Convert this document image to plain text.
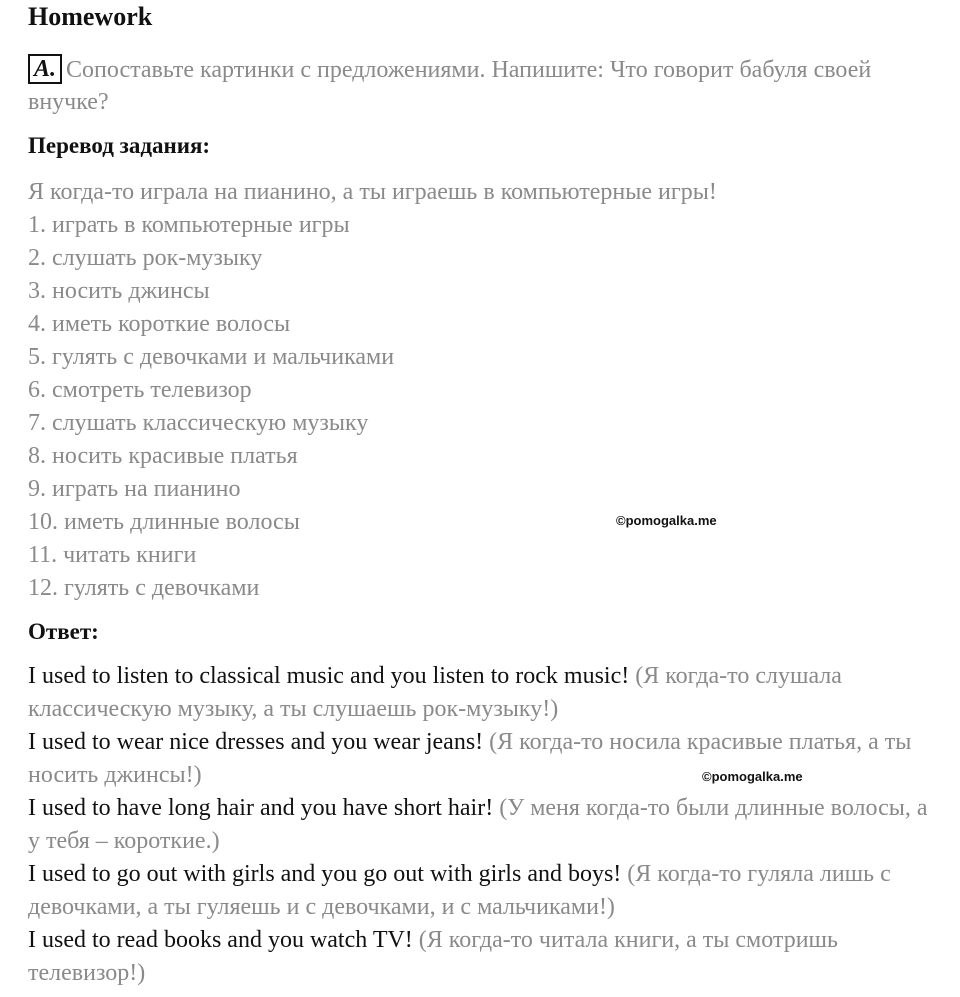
Homework
A. Сопоставьте картинки с предложениями. Напишите: Что говорит бабуля своей внучке?
Перевод задания:
Я когда-то играла на пианино, а ты играешь в компьютерные игры!
1. играть в компьютерные игры
2. слушать рок-музыку
3. носить джинсы
4. иметь короткие волосы
5. гулять с девочками и мальчиками
6. смотреть телевизор
7. слушать классическую музыку
8. носить красивые платья
9. играть на пианино
10. иметь длинные волосы
11. читать книги
12. гулять с девочками
Ответ:
I used to listen to classical music and you listen to rock music! (Я когда-то слушала классическую музыку, а ты слушаешь рок-музыку!)
I used to wear nice dresses and you wear jeans! (Я когда-то носила красивые платья, а ты носить джинсы!)
I used to have long hair and you have short hair! (У меня когда-то были длинные волосы, а у тебя – короткие.)
I used to go out with girls and you go out with girls and boys! (Я когда-то гуляла лишь с девочками, а ты гуляешь и с девочками, и с мальчиками!)
I used to read books and you watch TV! (Я когда-то читала книги, а ты смотришь телевизор!)
©pomogalka.me
©pomogalka.me
